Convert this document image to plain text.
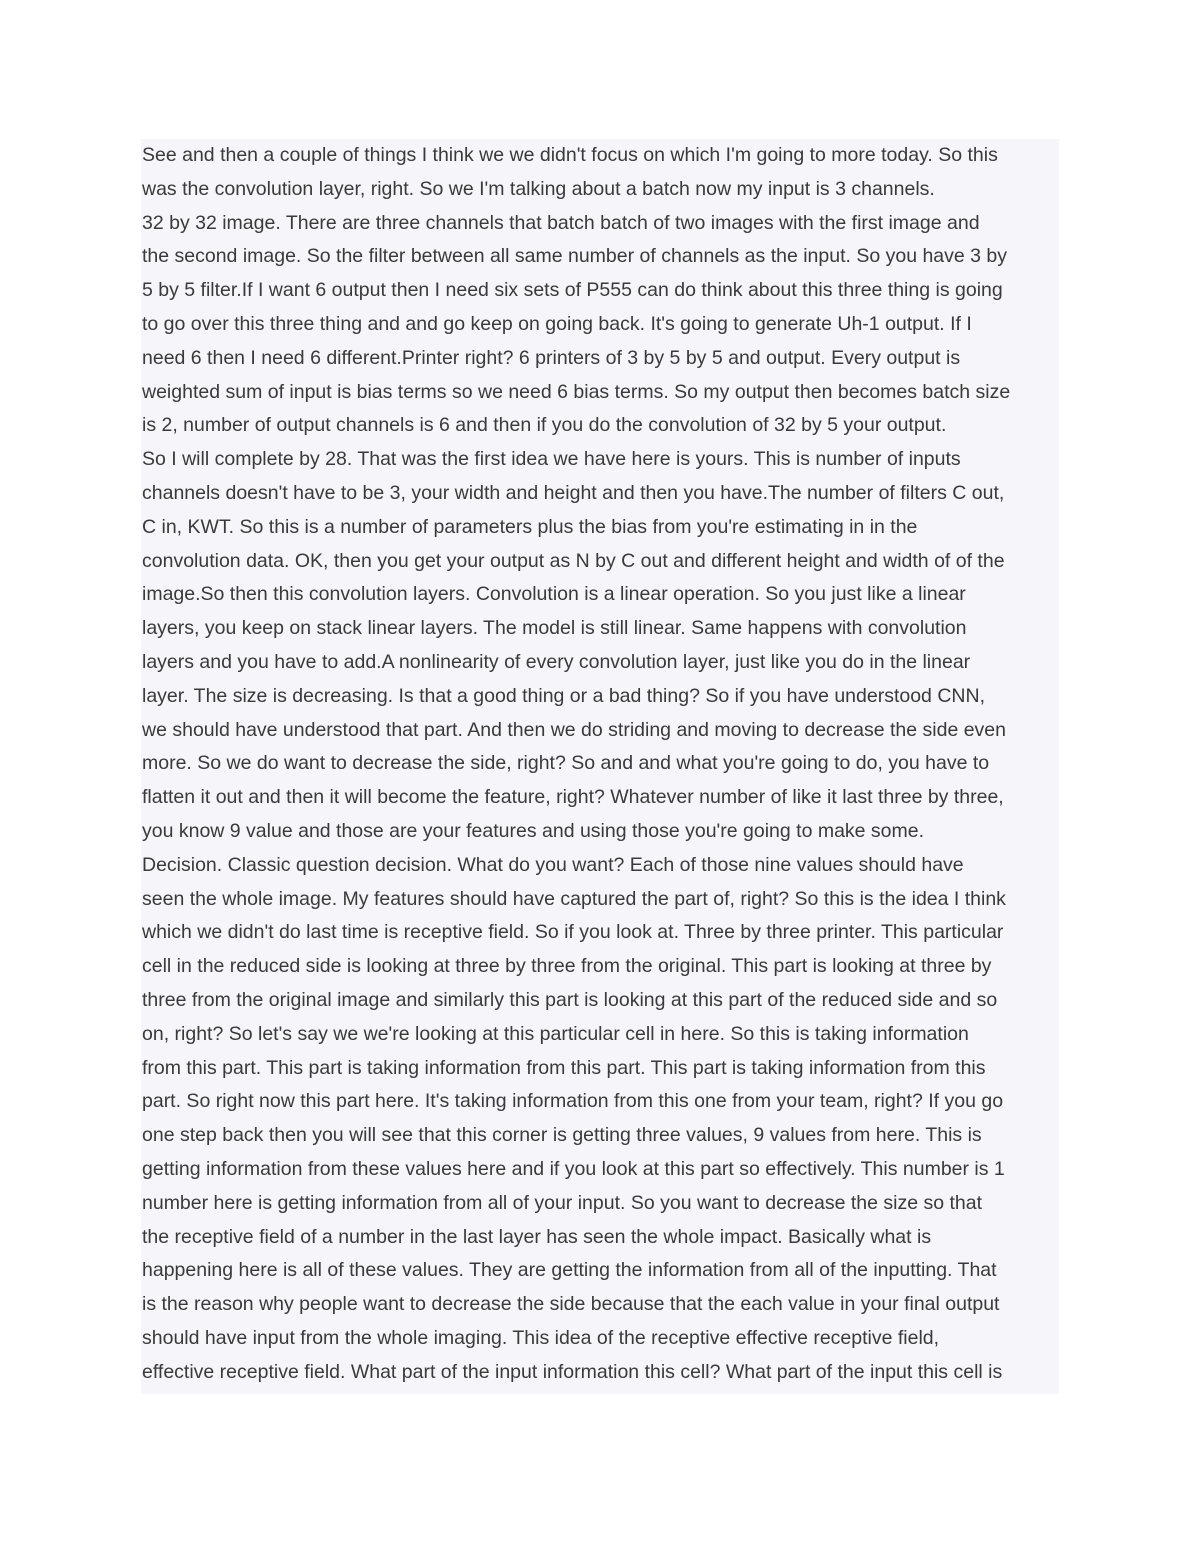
See and then a couple of things I think we we didn't focus on which I'm going to more today. So this
was the convolution layer, right. So we I'm talking about a batch now my input is 3 channels.
32 by 32 image. There are three channels that batch batch of two images with the first image and
the second image. So the filter between all same number of channels as the input. So you have 3 by
5 by 5 filter.If I want 6 output then I need six sets of P555 can do think about this three thing is going
to go over this three thing and and go keep on going back. It's going to generate Uh-1 output. If I
need 6 then I need 6 different.Printer right? 6 printers of 3 by 5 by 5 and output. Every output is
weighted sum of input is bias terms so we need 6 bias terms. So my output then becomes batch size
is 2, number of output channels is 6 and then if you do the convolution of 32 by 5 your output.
So I will complete by 28. That was the first idea we have here is yours. This is number of inputs
channels doesn't have to be 3, your width and height and then you have.The number of filters C out,
C in, KWT. So this is a number of parameters plus the bias from you're estimating in in the
convolution data. OK, then you get your output as N by C out and different height and width of of the
image.So then this convolution layers. Convolution is a linear operation. So you just like a linear
layers, you keep on stack linear layers. The model is still linear. Same happens with convolution
layers and you have to add.A nonlinearity of every convolution layer, just like you do in the linear
layer. The size is decreasing. Is that a good thing or a bad thing? So if you have understood CNN,
we should have understood that part. And then we do striding and moving to decrease the side even
more. So we do want to decrease the side, right? So and and what you're going to do, you have to
flatten it out and then it will become the feature, right? Whatever number of like it last three by three,
you know 9 value and those are your features and using those you're going to make some.
Decision. Classic question decision. What do you want? Each of those nine values should have
seen the whole image. My features should have captured the part of, right? So this is the idea I think
which we didn't do last time is receptive field. So if you look at. Three by three printer. This particular
cell in the reduced side is looking at three by three from the original. This part is looking at three by
three from the original image and similarly this part is looking at this part of the reduced side and so
on, right? So let's say we we're looking at this particular cell in here. So this is taking information
from this part. This part is taking information from this part. This part is taking information from this
part. So right now this part here. It's taking information from this one from your team, right? If you go
one step back then you will see that this corner is getting three values, 9 values from here. This is
getting information from these values here and if you look at this part so effectively. This number is 1
number here is getting information from all of your input. So you want to decrease the size so that
the receptive field of a number in the last layer has seen the whole impact. Basically what is
happening here is all of these values. They are getting the information from all of the inputting. That
is the reason why people want to decrease the side because that the each value in your final output
should have input from the whole imaging. This idea of the receptive effective receptive field,
effective receptive field. What part of the input information this cell? What part of the input this cell is
